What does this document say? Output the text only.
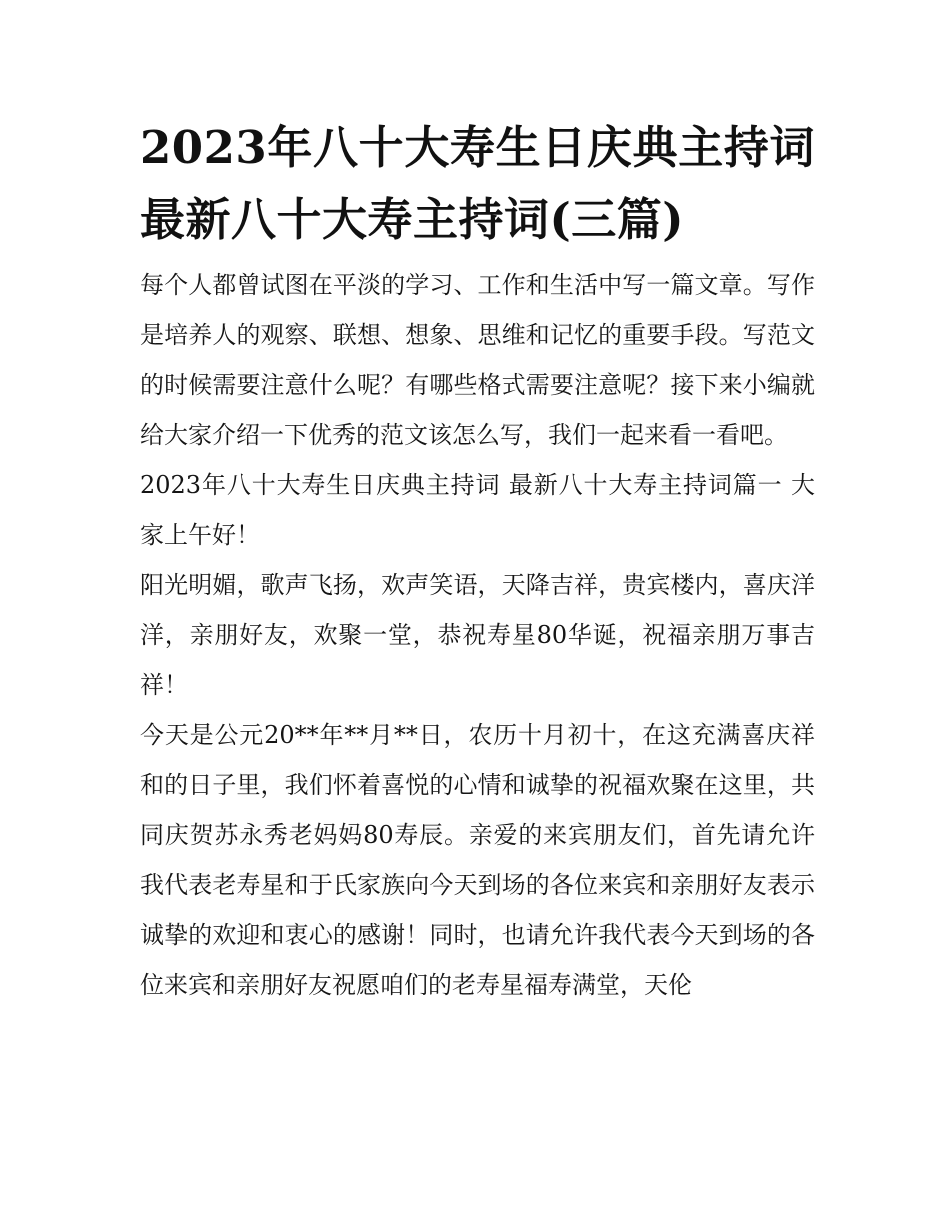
2023年八十大寿生日庆典主持词 最新八十大寿主持词(三篇)

每个人都曾试图在平淡的学习、工作和生活中写一篇文章。写作是培养人的观察、联想、想象、思维和记忆的重要手段。写范文的时候需要注意什么呢？有哪些格式需要注意呢？接下来小编就给大家介绍一下优秀的范文该怎么写，我们一起来看一看吧。

2023年八十大寿生日庆典主持词 最新八十大寿主持词篇一 大家上午好！

阳光明媚，歌声飞扬，欢声笑语，天降吉祥，贵宾楼内，喜庆洋洋，亲朋好友，欢聚一堂，恭祝寿星80华诞，祝福亲朋万事吉祥！

今天是公元20**年**月**日，农历十月初十，在这充满喜庆祥和的日子里，我们怀着喜悦的心情和诚挚的祝福欢聚在这里，共同庆贺苏永秀老妈妈80寿辰。亲爱的来宾朋友们，首先请允许我代表老寿星和于氏家族向今天到场的各位来宾和亲朋好友表示诚挚的欢迎和衷心的感谢！同时，也请允许我代表今天到场的各位来宾和亲朋好友祝愿咱们的老寿星福寿满堂，天伦
